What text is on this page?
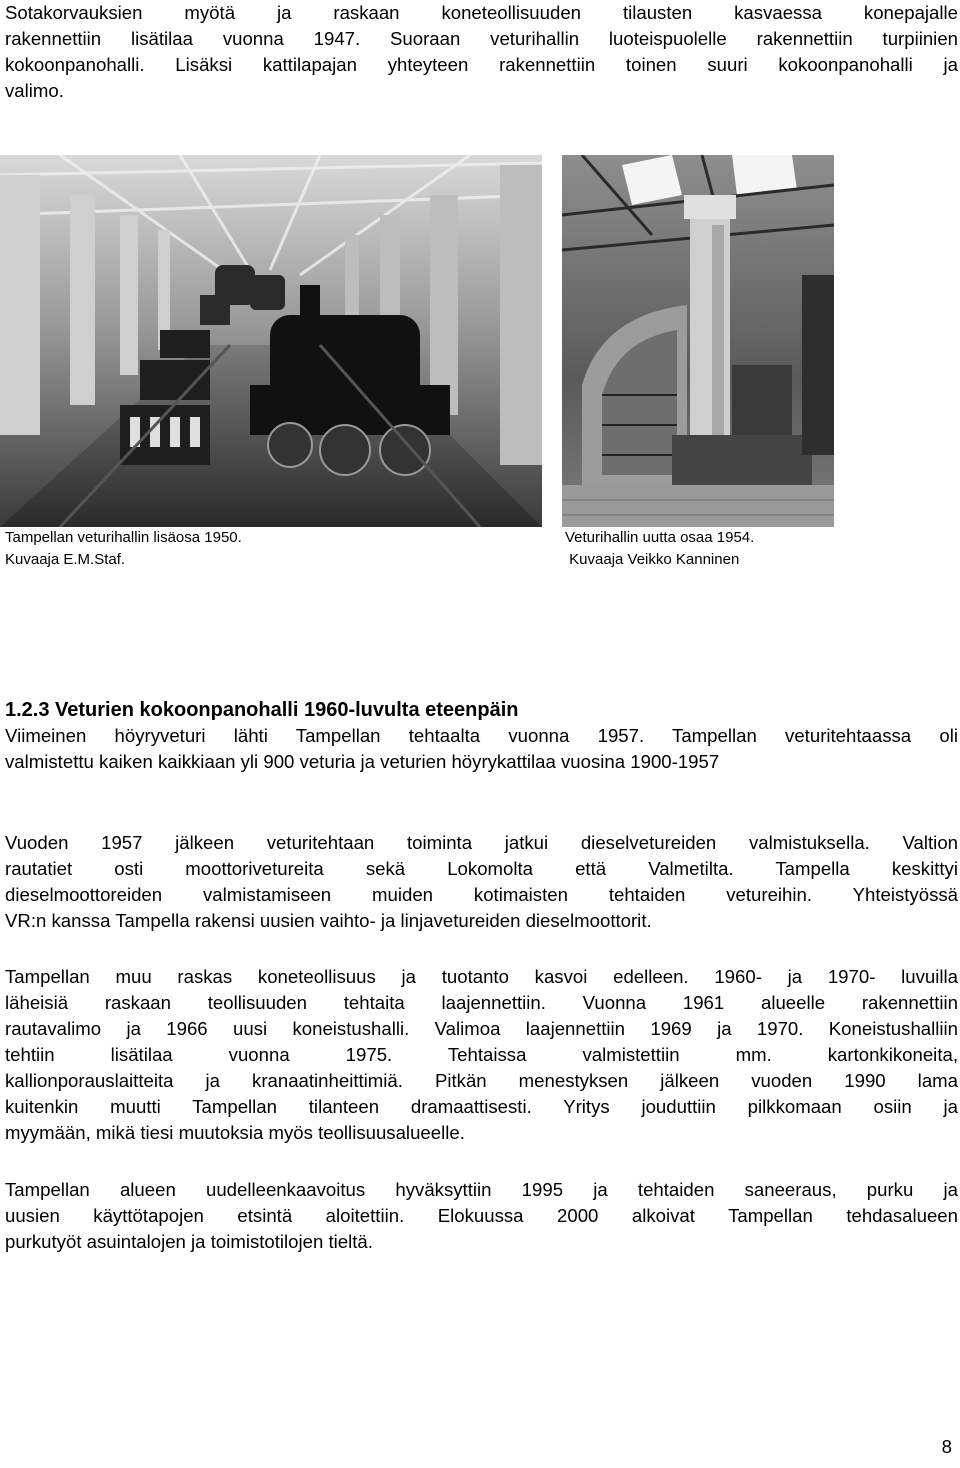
Sotakorvauksien myötä ja raskaan koneteollisuuden tilausten kasvaessa konepajalle
rakennettiin lisätilaa vuonna 1947. Suoraan veturihallin luoteispuolelle rakennettiin turpiinien
kokoonpanohalli. Lisäksi kattilapajan yhteyteen rakennettiin toinen suuri kokoonpanohalli ja
valimo.
Tampellan veturihallin lisäosa 1950.
Kuvaaja E.M.Staf.
Veturihallin uutta osaa 1954.
Kuvaaja Veikko Kanninen
1.2.3 Veturien kokoonpanohalli 1960-luvulta eteenpäin
Viimeinen höyryveturi lähti Tampellan tehtaalta vuonna 1957. Tampellan veturitehtaassa oli
valmistettu kaiken kaikkiaan yli 900 veturia ja veturien höyrykattilaa vuosina 1900-1957
Vuoden 1957 jälkeen veturitehtaan toiminta jatkui dieselvetureiden valmistuksella. Valtion
rautatiet osti moottorivetureita sekä Lokomolta että Valmetilta. Tampella keskittyi
dieselmoottoreiden valmistamiseen muiden kotimaisten tehtaiden vetureihin. Yhteistyössä
VR:n kanssa Tampella rakensi uusien vaihto- ja linjavetureiden dieselmoottorit.
Tampellan muu raskas koneteollisuus ja tuotanto kasvoi edelleen. 1960- ja 1970- luvuilla
läheisiä raskaan teollisuuden tehtaita laajennettiin. Vuonna 1961 alueelle rakennettiin
rautavalimo ja 1966 uusi koneistushalli. Valimoa laajennettiin 1969 ja 1970. Koneistushalliin
tehtiin lisätilaa vuonna 1975. Tehtaissa valmistettiin mm. kartonkikoneita,
kallionporauslaitteita ja kranaatinheittimiä. Pitkän menestyksen jälkeen vuoden 1990 lama
kuitenkin muutti Tampellan tilanteen dramaattisesti. Yritys jouduttiin pilkkomaan osiin ja
myymään, mikä tiesi muutoksia myös teollisuusalueelle.
Tampellan alueen uudelleenkaavoitus hyväksyttiin 1995 ja tehtaiden saneeraus, purku ja
uusien käyttötapojen etsintä aloitettiin. Elokuussa 2000 alkoivat Tampellan tehdasalueen
purkutyöt asuintalojen ja toimistotilojen tieltä.
8
